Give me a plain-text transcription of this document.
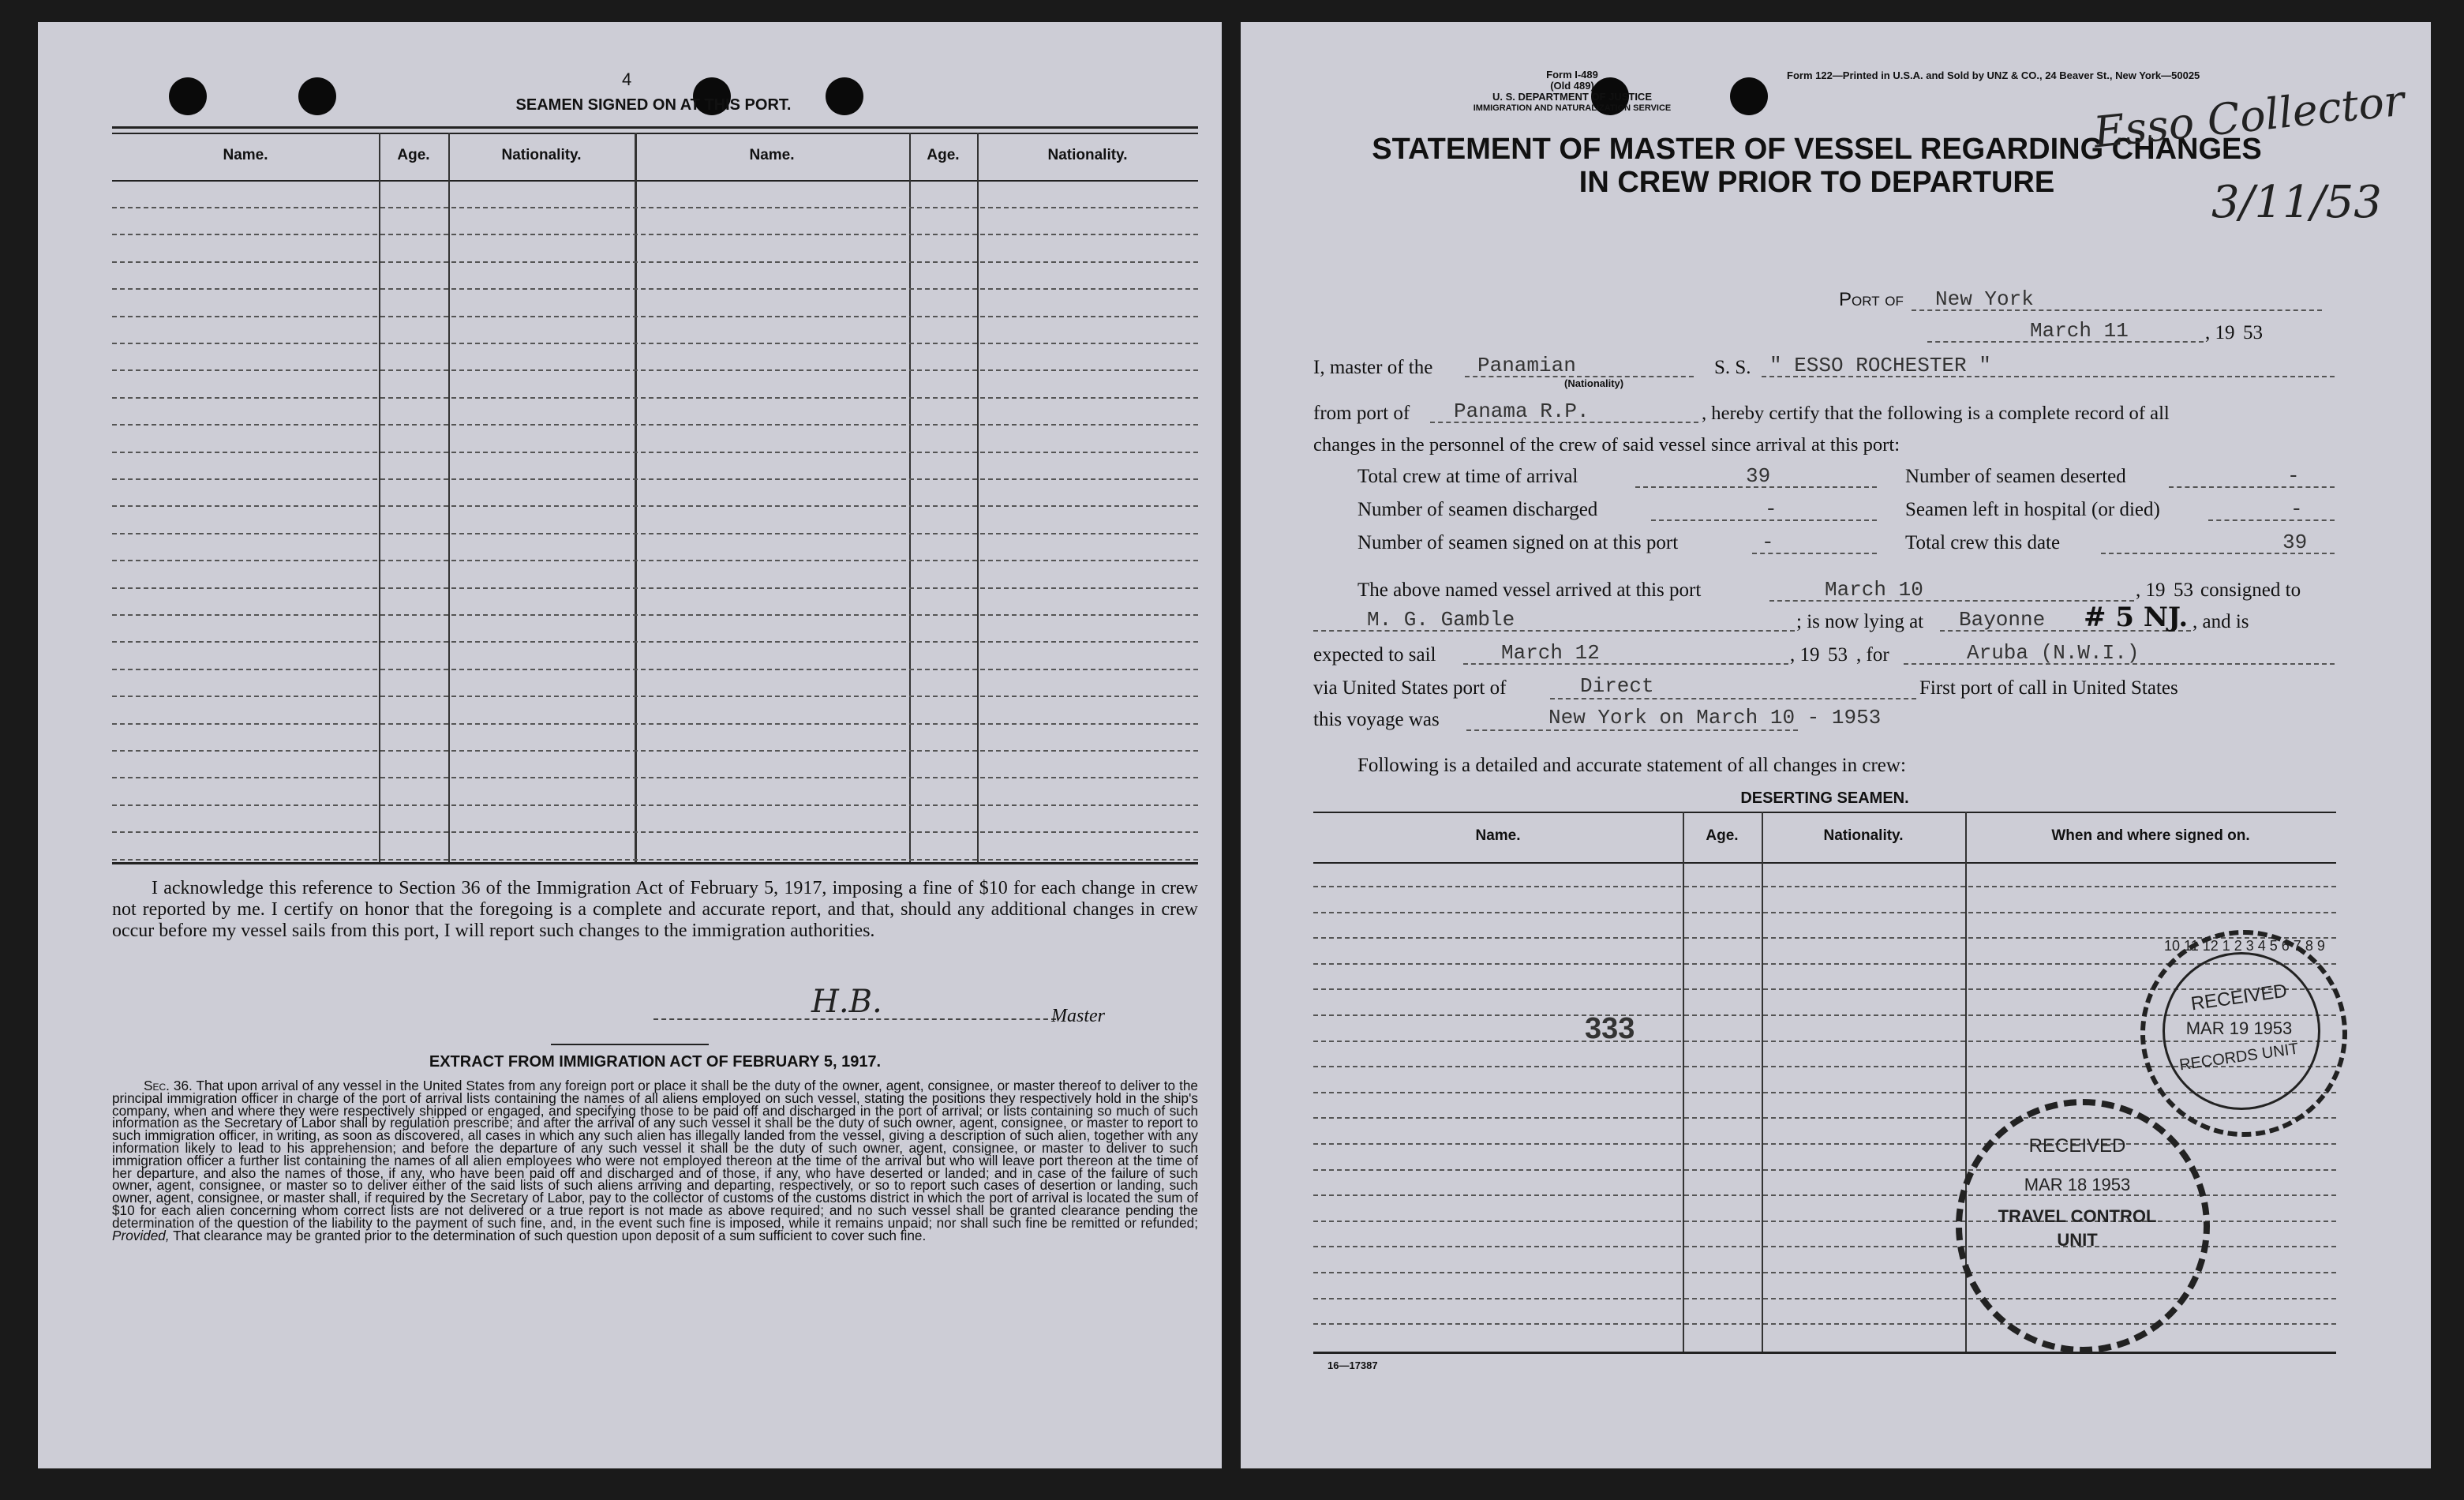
4
SEAMEN SIGNED ON AT THIS PORT.
Name.	Age.	Nationality.	Name.	Age.	Nationality.
I acknowledge this reference to Section 36 of the Immigration Act of February 5, 1917, imposing a fine of $10 for each change in crew not reported by me. I certify on honor that the foregoing is a complete and accurate report, and that, should any additional changes in crew occur before my vessel sails from this port, I will report such changes to the immigration authorities.
H.B.	Master
EXTRACT FROM IMMIGRATION ACT OF FEBRUARY 5, 1917.
Sec. 36. That upon arrival of any vessel in the United States from any foreign port or place it shall be the duty of the owner, agent, consignee, or master thereof to deliver to the principal immigration officer in charge of the port of arrival lists containing the names of all aliens employed on such vessel, stating the positions they respectively hold in the ship's company, when and where they were respectively shipped or engaged, and specifying those to be paid off and discharged in the port of arrival; or lists containing so much of such information as the Secretary of Labor shall by regulation prescribe; and after the arrival of any such vessel it shall be the duty of such owner, agent, consignee, or master to report to such immigration officer, in writing, as soon as discovered, all cases in which any such alien has illegally landed from the vessel, giving a description of such alien, together with any information likely to lead to his apprehension; and before the departure of any such vessel it shall be the duty of such owner, agent, consignee, or master to deliver to such immigration officer a further list containing the names of all alien employees who were not employed thereon at the time of the arrival but who will leave port thereon at the time of her departure, and also the names of those, if any, who have been paid off and discharged and of those, if any, who have deserted or landed; and in case of the failure of such owner, agent, consignee, or master so to deliver either of the said lists of such aliens arriving and departing, respectively, or so to report such cases of desertion or landing, such owner, agent, consignee, or master shall, if required by the Secretary of Labor, pay to the collector of customs of the customs district in which the port of arrival is located the sum of $10 for each alien concerning whom correct lists are not delivered or a true report is not made as above required; and no such vessel shall be granted clearance pending the determination of the question of the liability to the payment of such fine, and, in the event such fine is imposed, while it remains unpaid; nor shall such fine be remitted or refunded; Provided, That clearance may be granted prior to the determination of such question upon deposit of a sum sufficient to cover such fine.
Form I-489
(Old 489)
U. S. DEPARTMENT OF JUSTICE
IMMIGRATION AND NATURALIZATION SERVICE
Form 122—Printed in U.S.A. and Sold by UNZ & CO., 24 Beaver St., New York—50025
STATEMENT OF MASTER OF VESSEL REGARDING CHANGES
IN CREW PRIOR TO DEPARTURE
Esso Collector
3/11/53
Port of New York
March 11	, 19 53
I, master of the Panamian
(Nationality)
S. S. " ESSO ROCHESTER "
from port of Panama R.P.	, hereby certify that the following is a complete record of all
changes in the personnel of the crew of said vessel since arrival at this port:
Total crew at time of arrival	39	Number of seamen deserted	-
Number of seamen discharged	-	Seamen left in hospital (or died)	-
Number of seamen signed on at this port	-	Total crew this date	39
The above named vessel arrived at this port	March 10	, 19 53 consigned to
M. G. Gamble	; is now lying at Bayonne # 5 NJ. , and is
expected to sail	March 12	, 19 53 , for	Aruba (N.W.I.)
via United States port of	Direct	First port of call in United States
this voyage was	New York on March 10 - 1953
Following is a detailed and accurate statement of all changes in crew:
DESERTING SEAMEN.
Name.	Age.	Nationality.	When and where signed on.
333
10 11 12 1 2 3 4 5 6 7 8 9
RECEIVED
MAR 19 1953
RECORDS UNIT
RECEIVED
MAR 18 1953
TRAVEL CONTROL
UNIT
16—17387
